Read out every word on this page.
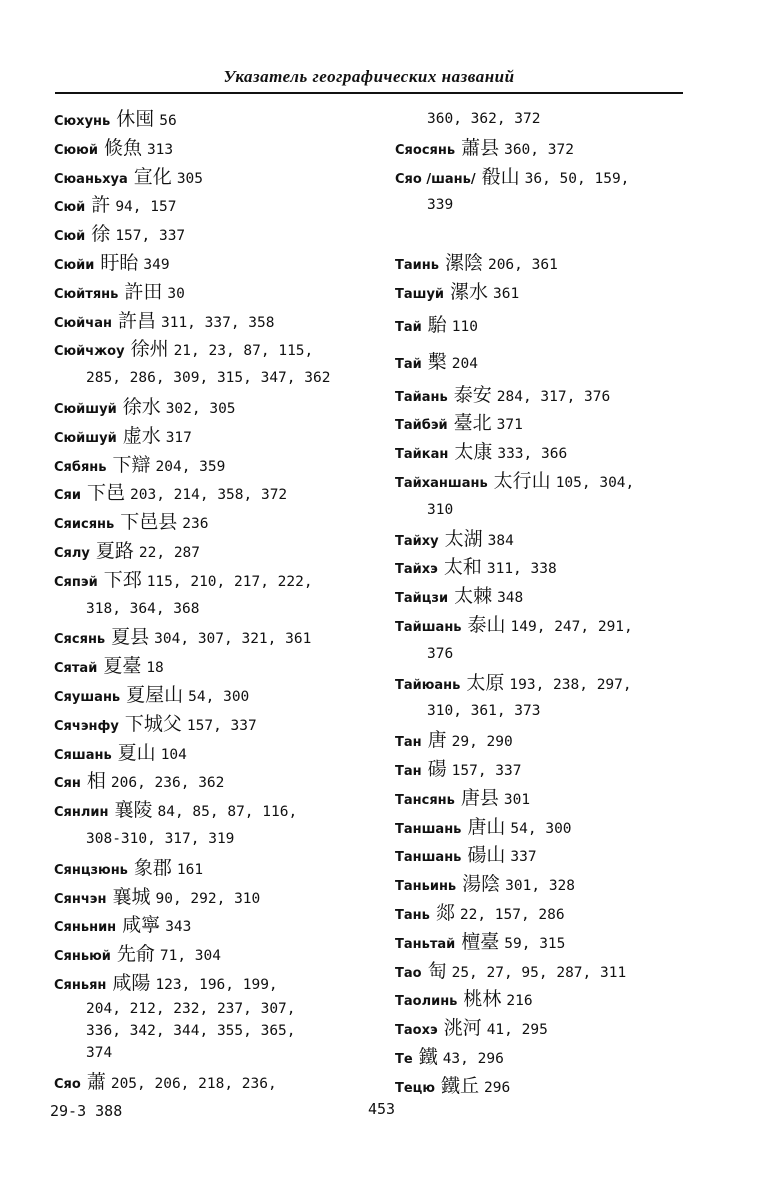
Указатель географических названий
Сюхунь 休囤 56
Сююй 倐魚 313
Сюаньхуа 宣化 305
Сюй 許 94, 157
Сюй 徐 157, 337
Сюйи 盱眙 349
Сюйтянь 許田 30
Сюйчан 許昌 311, 337, 358
Сюйчжоу 徐州 21, 23, 87, 115,
285, 286, 309, 315, 347, 362
Сюйшуй 徐水 302, 305
Сюйшуй 虚水 317
Сябянь 下辯 204, 359
Сяи 下邑 203, 214, 358, 372
Сяисянь 下邑县 236
Сялу 夏路 22, 287
Сяпэй 下邳 115, 210, 217, 222,
318, 364, 368
Сясянь 夏县 304, 307, 321, 361
Сятай 夏臺 18
Сяушань 夏屋山 54, 300
Сячэнфу 下城父 157, 337
Сяшань 夏山 104
Сян 相 206, 236, 362
Сянлин 襄陵 84, 85, 87, 116,
308-310, 317, 319
Сянцзюнь 象郡 161
Сянчэн 襄城 90, 292, 310
Сяньнин 咸寧 343
Сяньюй 先俞 71, 304
Сяньян 咸陽 123, 196, 199,
204, 212, 232, 237, 307,
336, 342, 344, 355, 365,
374
Сяо 蕭 205, 206, 218, 236,
360, 362, 372
Сяосянь 蕭县 360, 372
Сяо /шань/ 殽山 36, 50, 159,
339
Таинь 漯陰 206, 361
Ташуй 漯水 361
Тай 駘 110
Тай 檕 204
Тайань 泰安 284, 317, 376
Тайбэй 臺北 371
Тайкан 太康 333, 366
Тайханшань 太行山 105, 304,
310
Тайху 太湖 384
Тайхэ 太和 311, 338
Тайцзи 太棘 348
Тайшань 泰山 149, 247, 291,
376
Тайюань 太原 193, 238, 297,
310, 361, 373
Тан 唐 29, 290
Тан 碭 157, 337
Тансянь 唐县 301
Таншань 唐山 54, 300
Таншань 碭山 337
Таньинь 湯陰 301, 328
Тань 郯 22, 157, 286
Таньтай 檀臺 59, 315
Тао 匋 25, 27, 95, 287, 311
Таолинь 桃林 216
Таохэ 洮河 41, 295
Те 鐵 43, 296
Тецю 鐵丘 296
29-3 388	453
